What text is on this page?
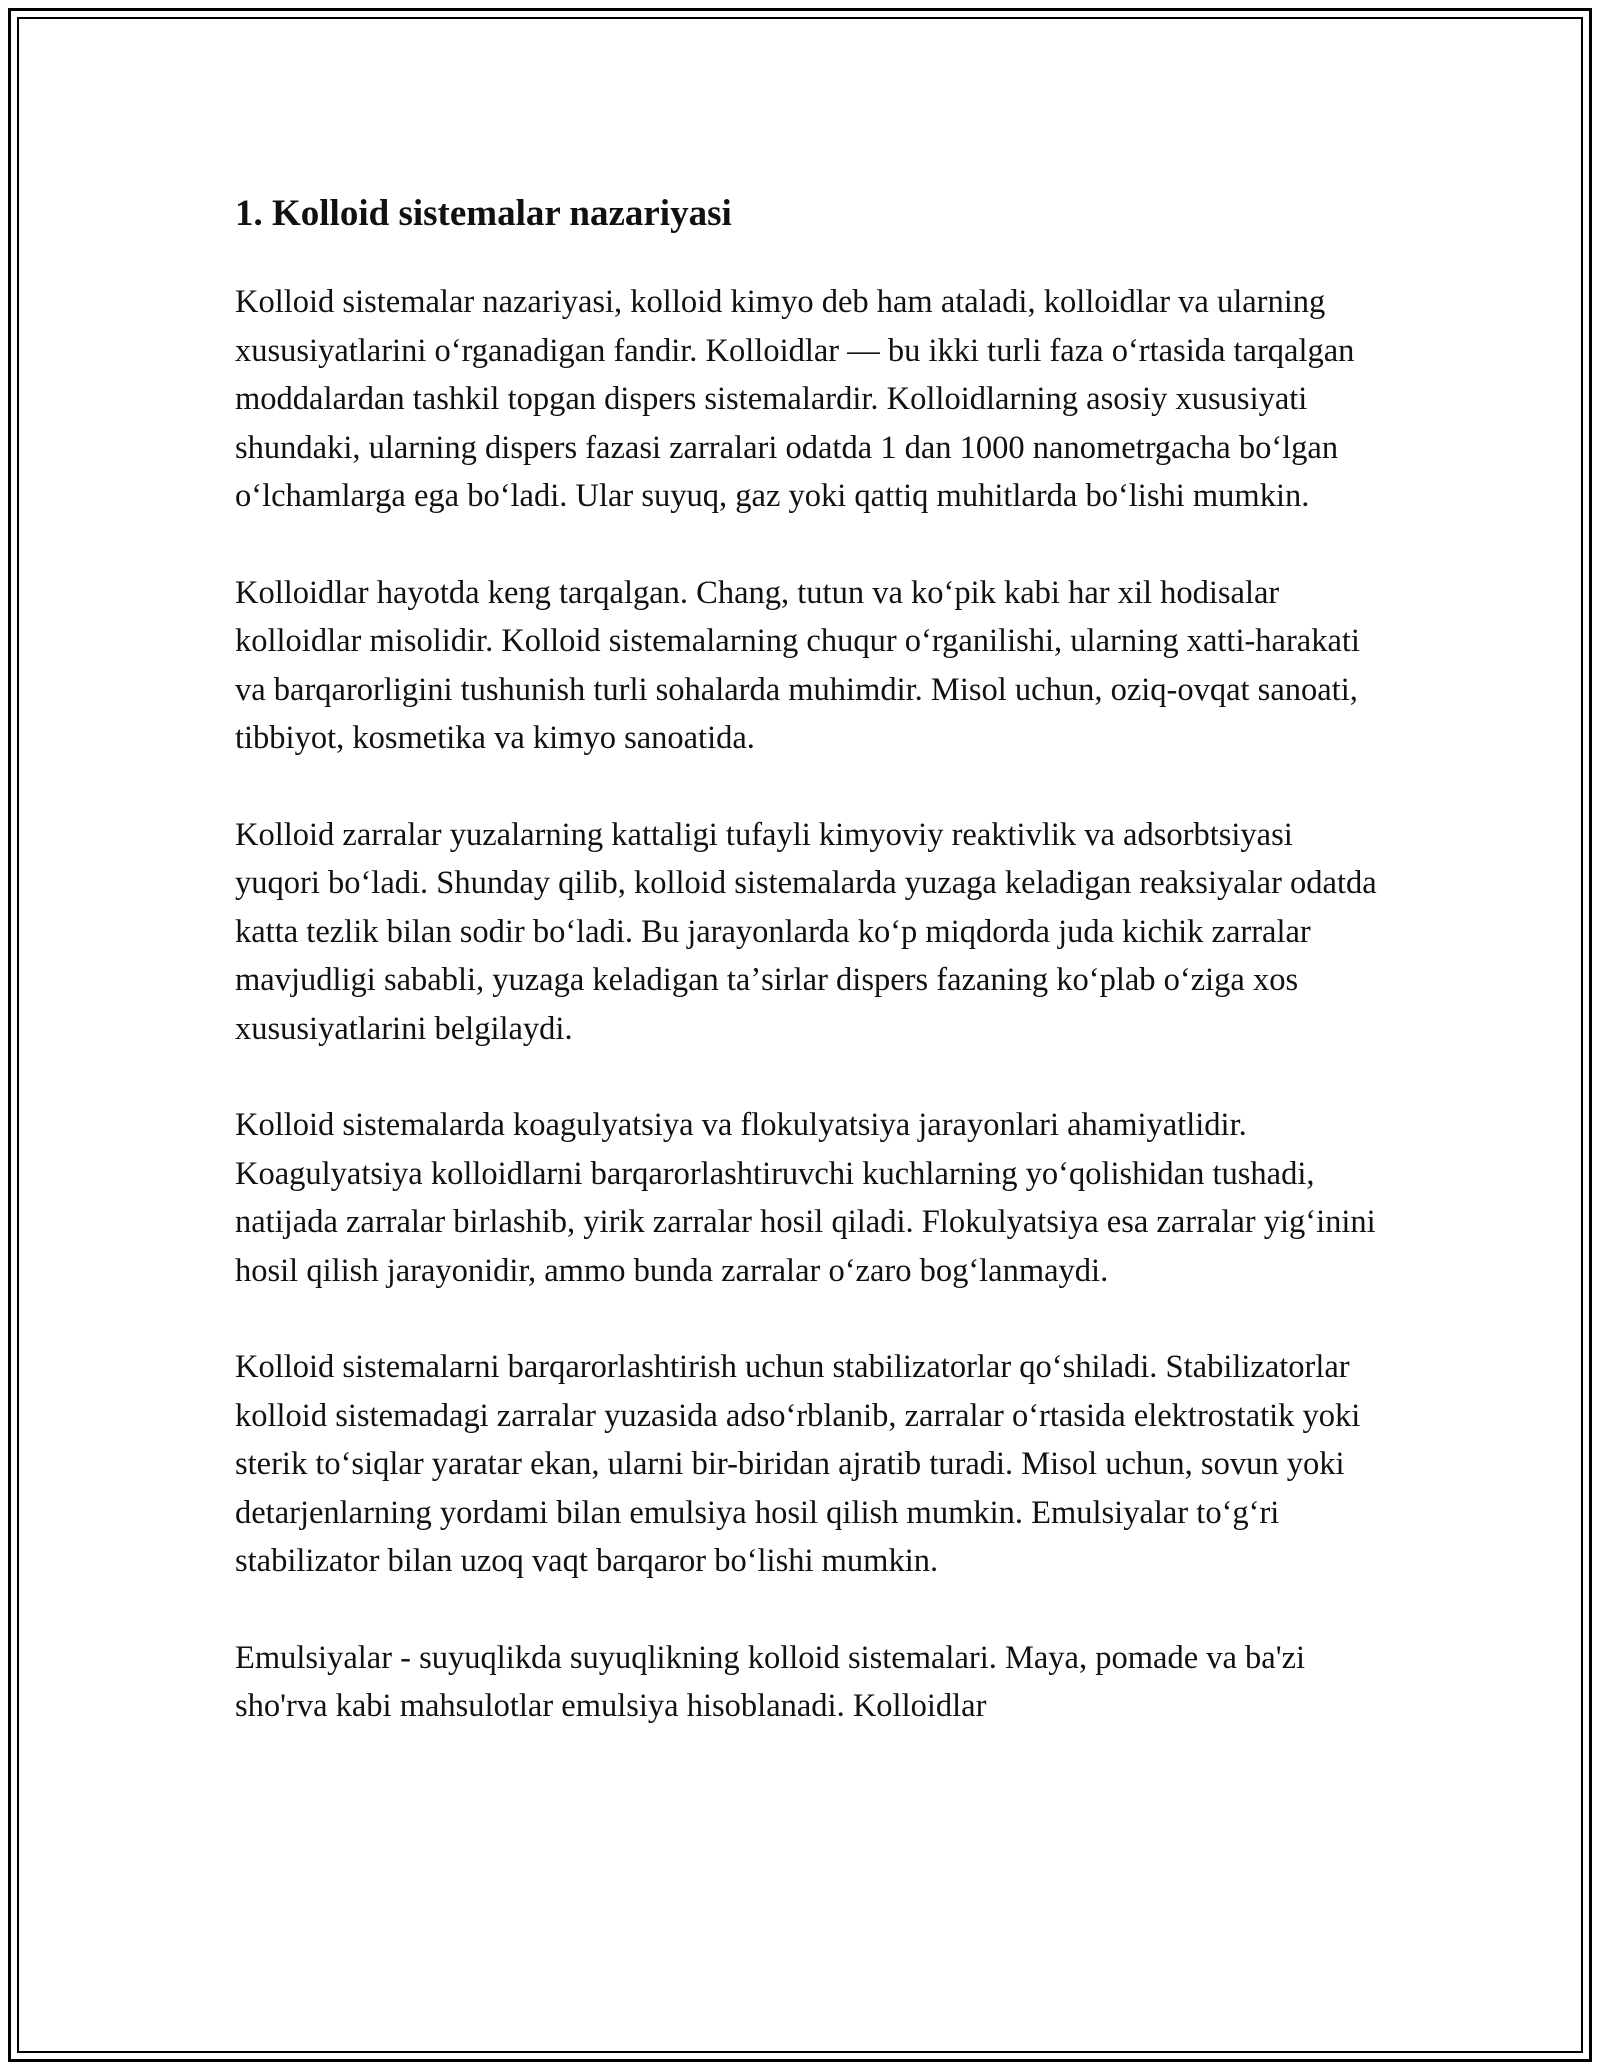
1. Kolloid sistemalar nazariyasi

Kolloid sistemalar nazariyasi, kolloid kimyo deb ham ataladi, kolloidlar va ularning xususiyatlarini oʻrganadigan fandir. Kolloidlar — bu ikki turli faza oʻrtasida tarqalgan moddalardan tashkil topgan dispers sistemalardir. Kolloidlarning asosiy xususiyati shundaki, ularning dispers fazasi zarralari odatda 1 dan 1000 nanometrgacha boʻlgan oʻlchamlarga ega boʻladi. Ular suyuq, gaz yoki qattiq muhitlarda boʻlishi mumkin.

Kolloidlar hayotda keng tarqalgan. Chang, tutun va koʻpik kabi har xil hodisalar kolloidlar misolidir. Kolloid sistemalarning chuqur oʻrganilishi, ularning xatti-harakati va barqarorligini tushunish turli sohalarda muhimdir. Misol uchun, oziq-ovqat sanoati, tibbiyot, kosmetika va kimyo sanoatida.

Kolloid zarralar yuzalarning kattaligi tufayli kimyoviy reaktivlik va adsorbtsiyasi yuqori boʻladi. Shunday qilib, kolloid sistemalarda yuzaga keladigan reaksiyalar odatda katta tezlik bilan sodir boʻladi. Bu jarayonlarda koʻp miqdorda juda kichik zarralar mavjudligi sababli, yuzaga keladigan taʼsirlar dispers fazaning koʻplab oʻziga xos xususiyatlarini belgilaydi.

Kolloid sistemalarda koagulyatsiya va flokulyatsiya jarayonlari ahamiyatlidir. Koagulyatsiya kolloidlarni barqarorlashtiruvchi kuchlarning yoʻqolishidan tushadi, natijada zarralar birlashib, yirik zarralar hosil qiladi. Flokulyatsiya esa zarralar yigʻinini hosil qilish jarayonidir, ammo bunda zarralar oʻzaro bogʻlanmaydi.

Kolloid sistemalarni barqarorlashtirish uchun stabilizatorlar qoʻshiladi. Stabilizatorlar kolloid sistemadagi zarralar yuzasida adsoʻrblanib, zarralar oʻrtasida elektrostatik yoki sterik toʻsiqlar yaratar ekan, ularni bir-biridan ajratib turadi. Misol uchun, sovun yoki detarjenlarning yordami bilan emulsiya hosil qilish mumkin. Emulsiyalar toʻgʻri stabilizator bilan uzoq vaqt barqaror boʻlishi mumkin.

Emulsiyalar - suyuqlikda suyuqlikning kolloid sistemalari. Maya, pomade va ba'zi sho'rva kabi mahsulotlar emulsiya hisoblanadi. Kolloidlar
